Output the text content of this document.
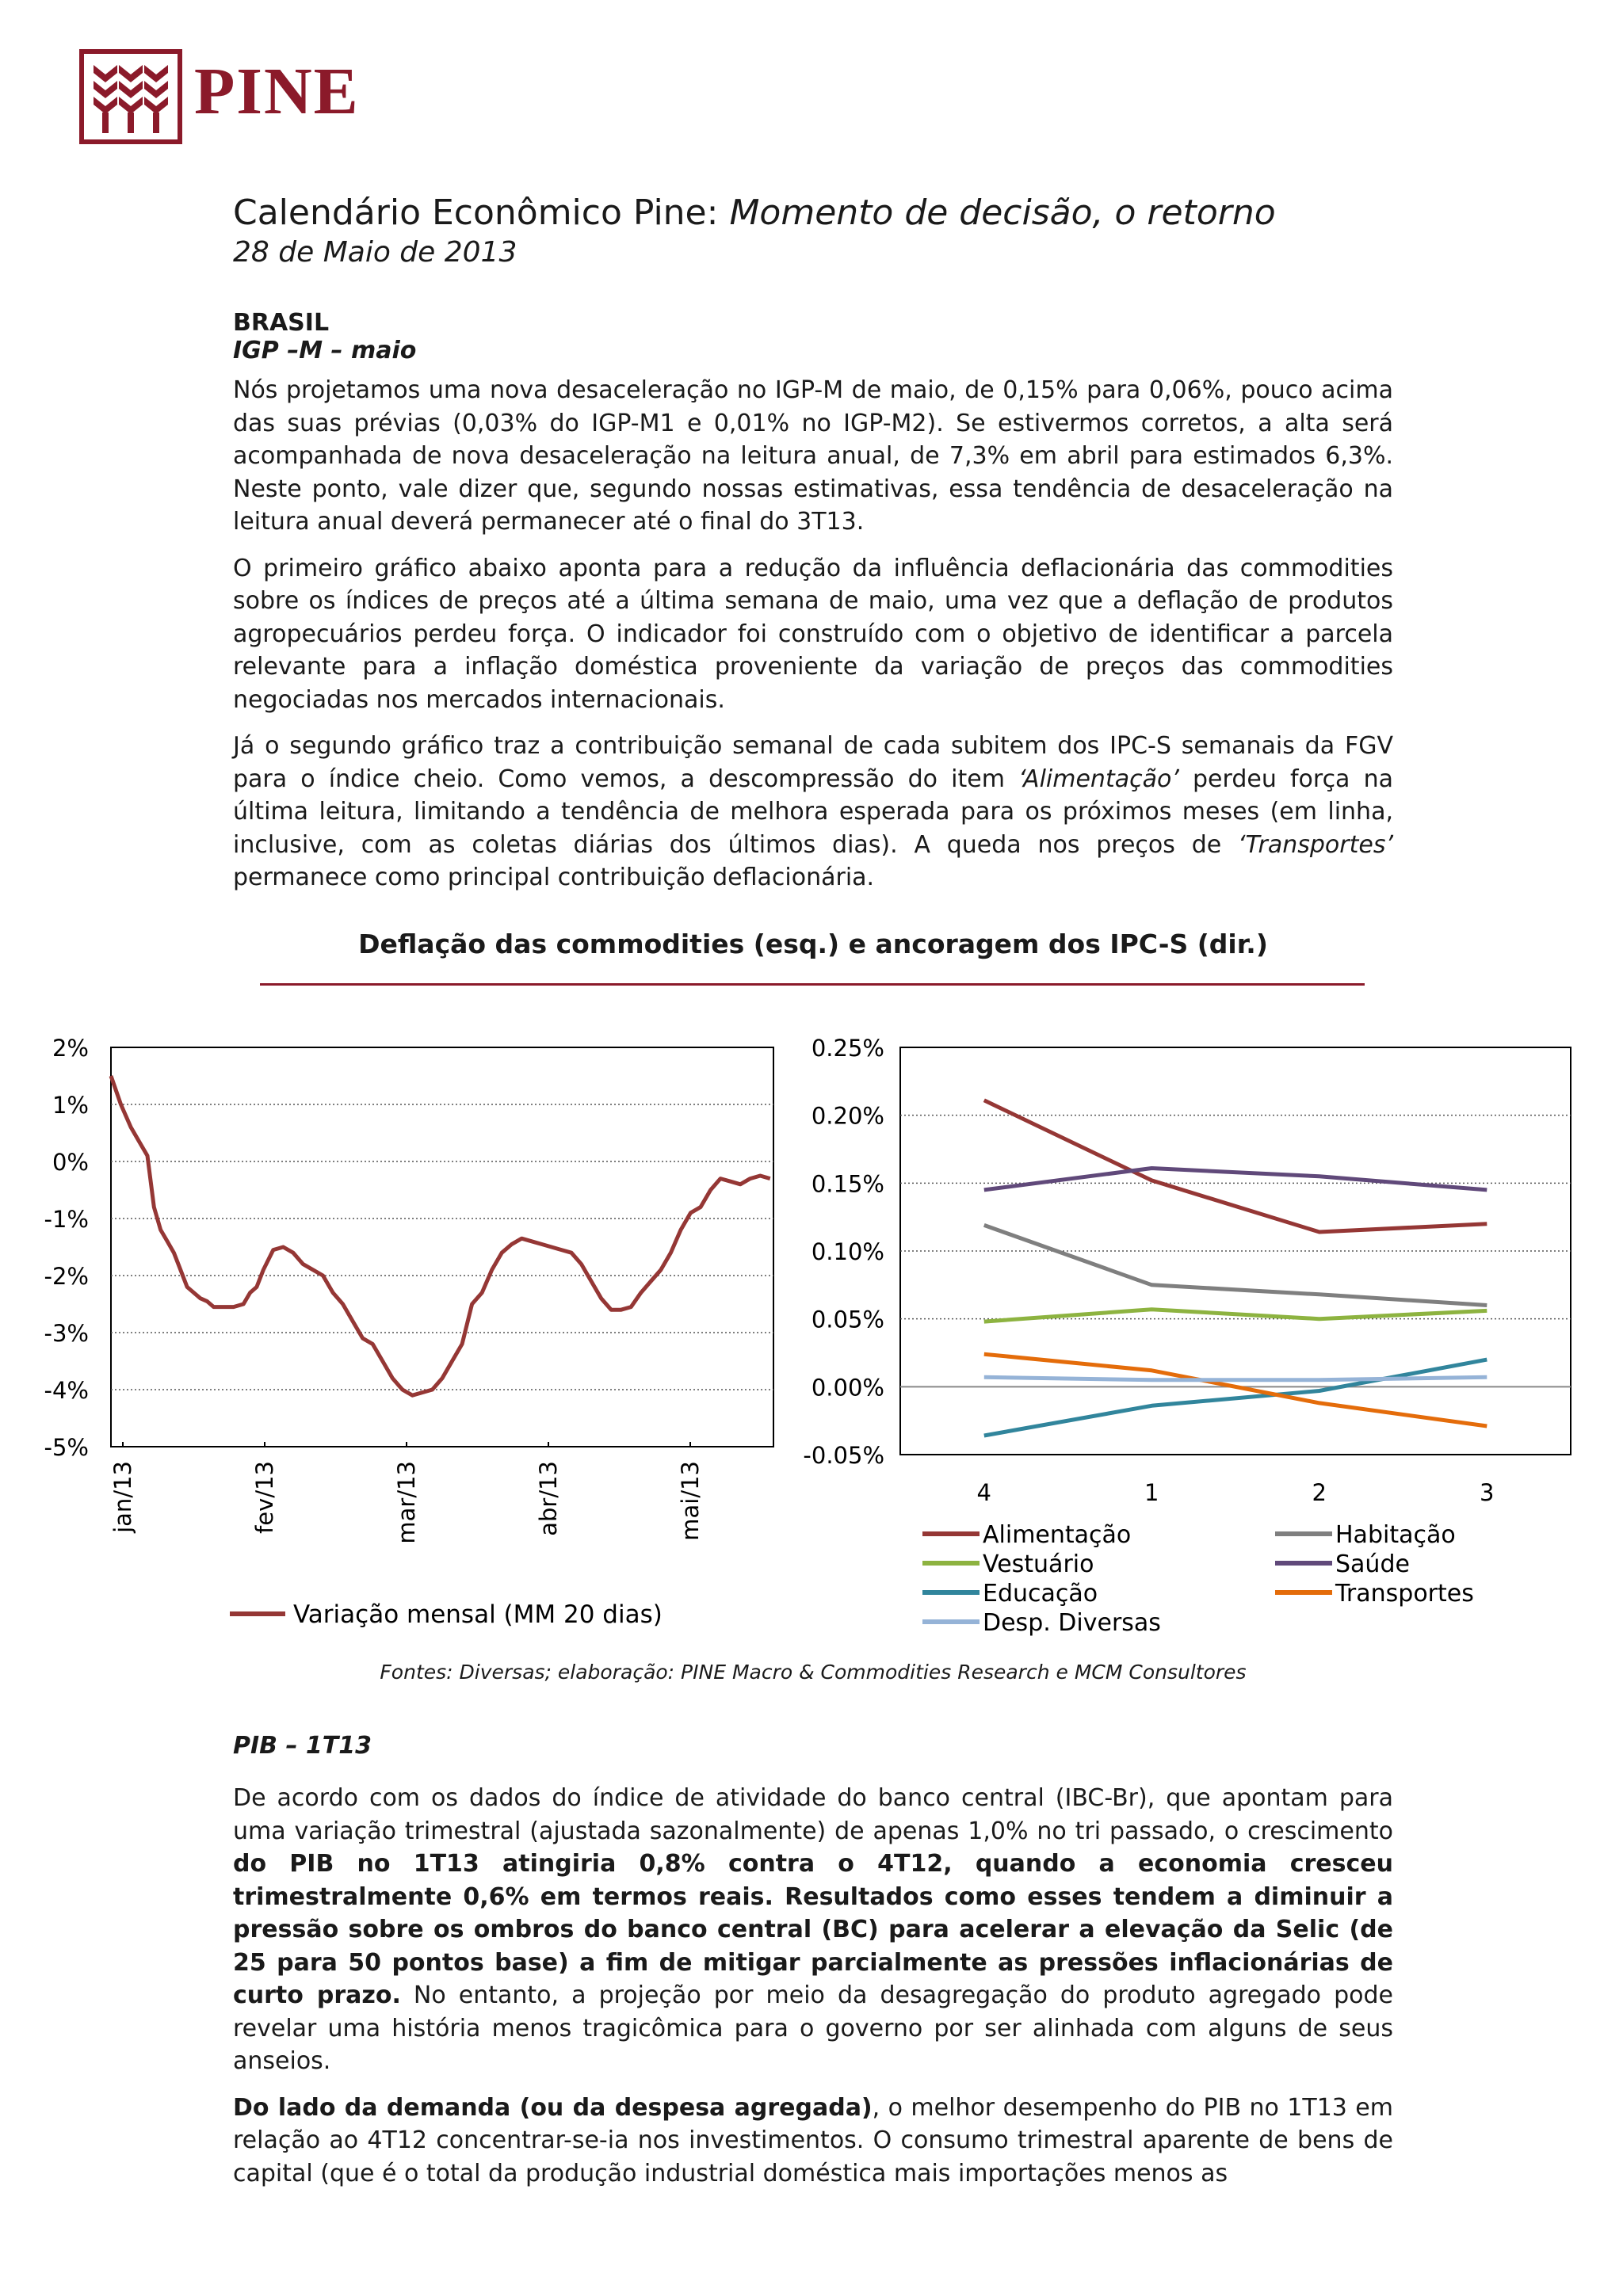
PINE
Calendário Econômico Pine: Momento de decisão, o retorno
28 de Maio de 2013
BRASIL
IGP –M – maio

Nós projetamos uma nova desaceleração no IGP-M de maio, de 0,15% para 0,06%, pouco acima das suas prévias (0,03% do IGP-M1 e 0,01% no IGP-M2). Se estivermos corretos, a alta será acompanhada de nova desaceleração na leitura anual, de 7,3% em abril para estimados 6,3%. Neste ponto, vale dizer que, segundo nossas estimativas, essa tendência de desaceleração na leitura anual deverá permanecer até o final do 3T13.

O primeiro gráfico abaixo aponta para a redução da influência deflacionária das commodities sobre os índices de preços até a última semana de maio, uma vez que a deflação de produtos agropecuários perdeu força. O indicador foi construído com o objetivo de identificar a parcela relevante para a inflação doméstica proveniente da variação de preços das commodities negociadas nos mercados internacionais.

Já o segundo gráfico traz a contribuição semanal de cada subitem dos IPC-S semanais da FGV para o índice cheio. Como vemos, a descompressão do item ‘Alimentação’ perdeu força na última leitura, limitando a tendência de melhora esperada para os próximos meses (em linha, inclusive, com as coletas diárias dos últimos dias). A queda nos preços de ‘Transportes’ permanece como principal contribuição deflacionária.

Deflação das commodities (esq.) e ancoragem dos IPC-S (dir.)
2%
1%
0%
-1%
-2%
-3%
-4%
-5%
jan/13	fev/13	mar/13	abr/13	mai/13
Variação mensal (MM 20 dias)
0.25%
0.20%
0.15%
0.10%
0.05%
0.00%
-0.05%
4	1	2	3
Alimentação	Habitação
Vestuário	Saúde
Educação	Transportes
Desp. Diversas
Fontes: Diversas; elaboração: PINE Macro & Commodities Research e MCM Consultores
PIB – 1T13

De acordo com os dados do índice de atividade do banco central (IBC-Br), que apontam para uma variação trimestral (ajustada sazonalmente) de apenas 1,0% no tri passado, o crescimento do PIB no 1T13 atingiria 0,8% contra o 4T12, quando a economia cresceu trimestralmente 0,6% em termos reais. Resultados como esses tendem a diminuir a pressão sobre os ombros do banco central (BC) para acelerar a elevação da Selic (de 25 para 50 pontos base) a fim de mitigar parcialmente as pressões inflacionárias de curto prazo. No entanto, a projeção por meio da desagregação do produto agregado pode revelar uma história menos tragicômica para o governo por ser alinhada com alguns de seus anseios.

Do lado da demanda (ou da despesa agregada), o melhor desempenho do PIB no 1T13 em relação ao 4T12 concentrar-se-ia nos investimentos. O consumo trimestral aparente de bens de capital (que é o total da produção industrial doméstica mais importações menos as
